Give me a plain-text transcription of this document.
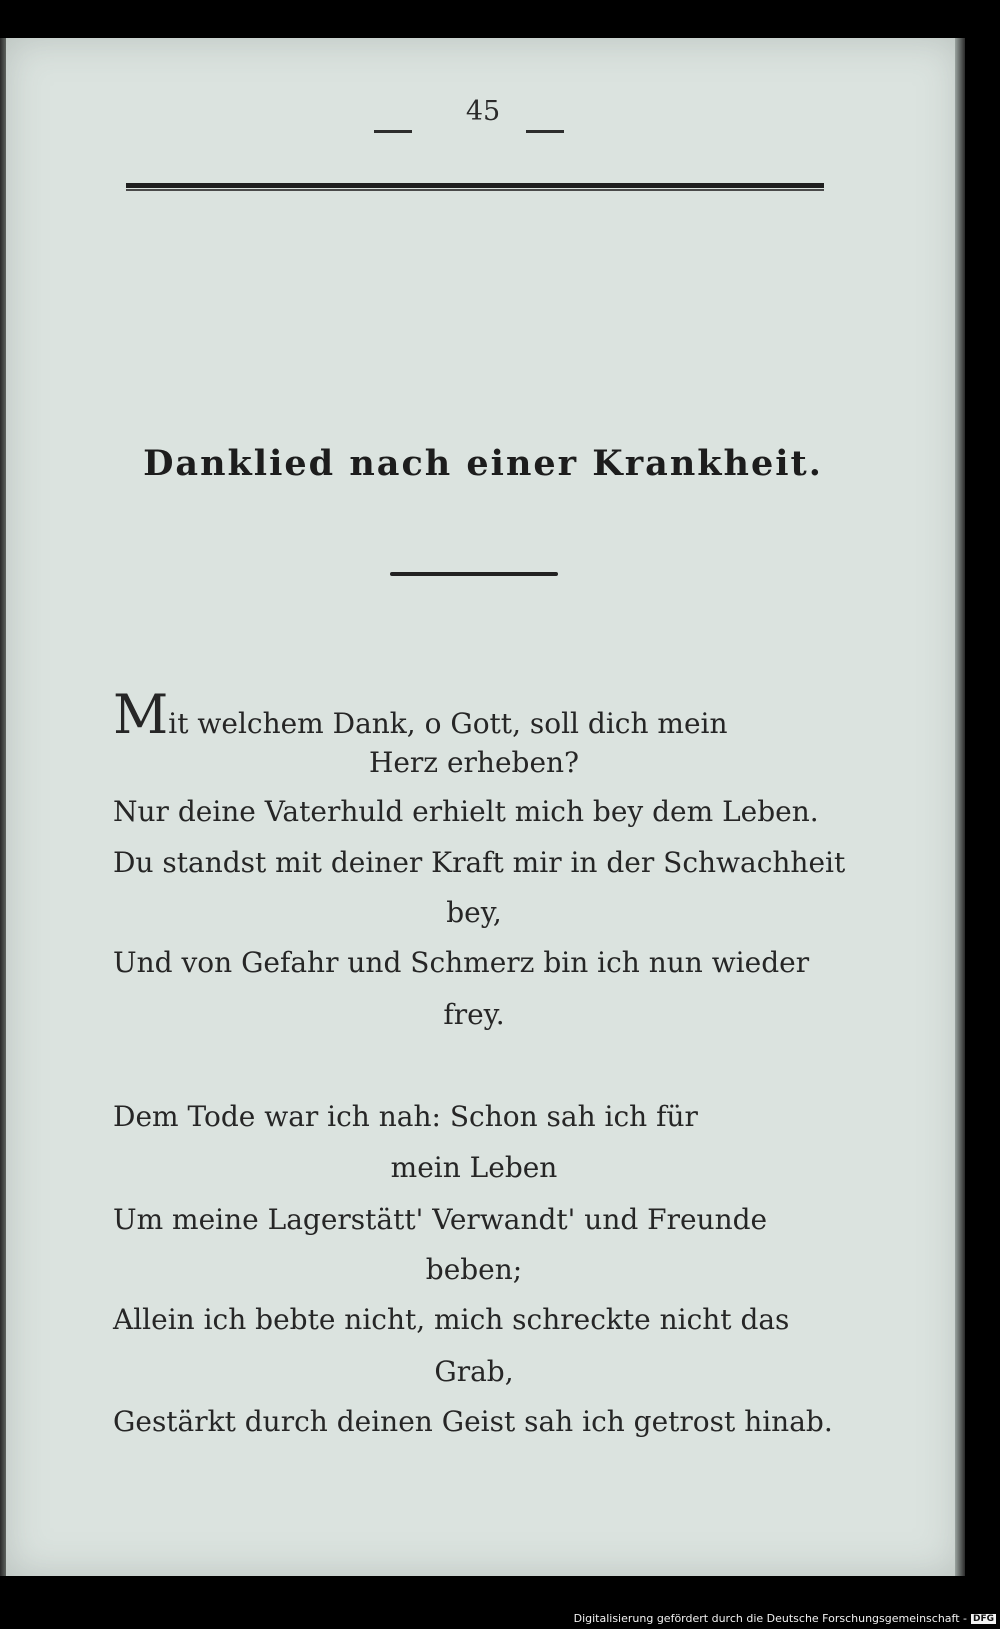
45
Danklied nach einer Krankheit.
Mit welchem Dank, o Gott, soll dich mein
Herz erheben?
Nur deine Vaterhuld erhielt mich bey dem Leben.
Du standst mit deiner Kraft mir in der Schwachheit
bey,
Und von Gefahr und Schmerz bin ich nun wieder
frey.
Dem Tode war ich nah: Schon sah ich für
mein Leben
Um meine Lagerstätt' Verwandt' und Freunde
beben;
Allein ich bebte nicht, mich schreckte nicht das
Grab,
Gestärkt durch deinen Geist sah ich getrost hinab.
Digitalisierung gefördert durch die Deutsche Forschungsgemeinschaft - DFG
